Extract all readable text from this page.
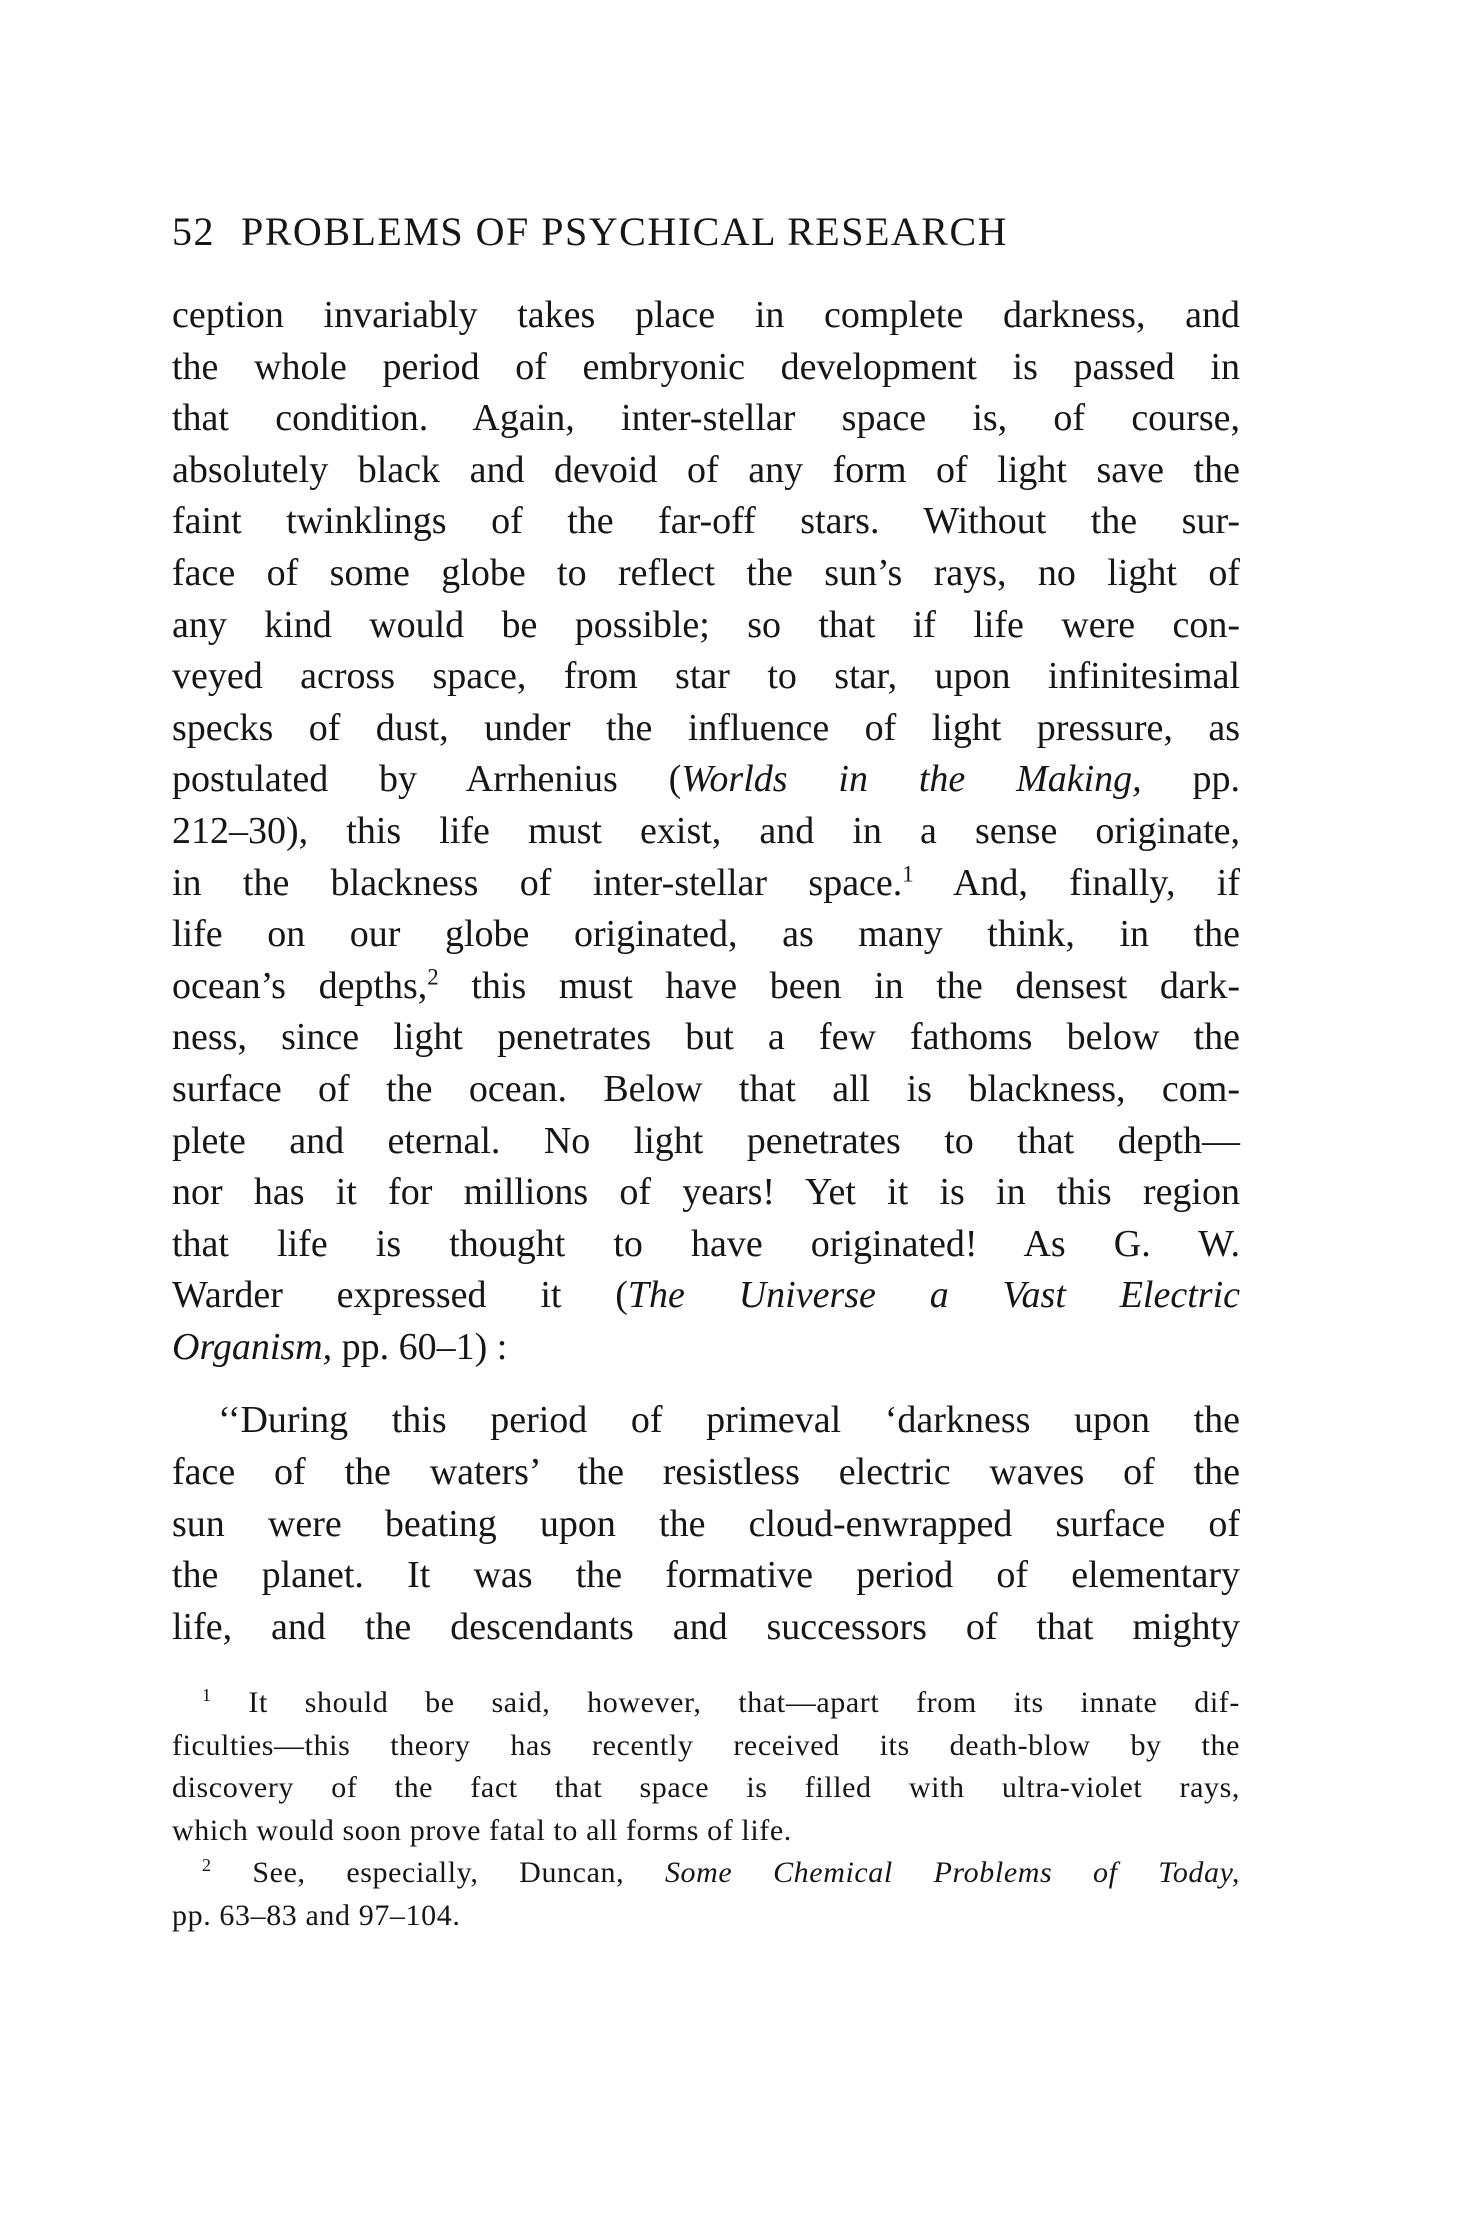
52 PROBLEMS OF PSYCHICAL RESEARCH
ception invariably takes place in complete darkness, and
the whole period of embryonic development is passed in
that condition. Again, inter-stellar space is, of course,
absolutely black and devoid of any form of light save the
faint twinklings of the far-off stars. Without the sur-
face of some globe to reflect the sun’s rays, no light of
any kind would be possible; so that if life were con-
veyed across space, from star to star, upon infinitesimal
specks of dust, under the influence of light pressure, as
postulated by Arrhenius (Worlds in the Making, pp.
212–30), this life must exist, and in a sense originate,
in the blackness of inter-stellar space.$^1$ And, finally, if
life on our globe originated, as many think, in the
ocean’s depths,$^2$ this must have been in the densest dark-
ness, since light penetrates but a few fathoms below the
surface of the ocean. Below that all is blackness, com-
plete and eternal. No light penetrates to that depth—
nor has it for millions of years! Yet it is in this region
that life is thought to have originated! As G. W.
Warder expressed it (The Universe a Vast Electric
Organism, pp. 60–1) :
‘‘During this period of primeval ‘darkness upon the
face of the waters’ the resistless electric waves of the
sun were beating upon the cloud-enwrapped surface of
the planet. It was the formative period of elementary
life, and the descendants and successors of that mighty
$^1$ It should be said, however, that—apart from its innate dif-
ficulties—this theory has recently received its death-blow by the
discovery of the fact that space is filled with ultra-violet rays,
which would soon prove fatal to all forms of life.
$^2$ See, especially, Duncan, Some Chemical Problems of Today,
pp. 63–83 and 97–104.
